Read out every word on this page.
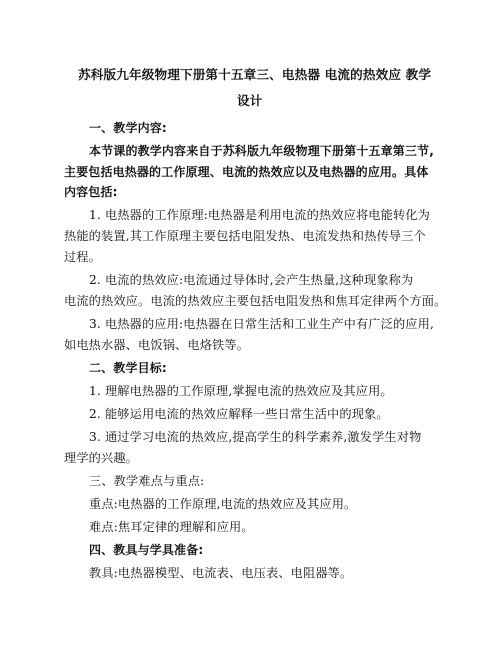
苏科版九年级物理下册第十五章三、电热器 电流的热效应 教学
设计
一、教学内容:
本节课的教学内容来自于苏科版九年级物理下册第十五章第三节,
主要包括电热器的工作原理、电流的热效应以及电热器的应用。具体
内容包括:
1. 电热器的工作原理:电热器是利用电流的热效应将电能转化为
热能的装置,其工作原理主要包括电阻发热、电流发热和热传导三个
过程。
2. 电流的热效应:电流通过导体时,会产生热量,这种现象称为
电流的热效应。电流的热效应主要包括电阻发热和焦耳定律两个方面。
3. 电热器的应用:电热器在日常生活和工业生产中有广泛的应用,
如电热水器、电饭锅、电烙铁等。
二、教学目标:
1. 理解电热器的工作原理,掌握电流的热效应及其应用。
2. 能够运用电流的热效应解释一些日常生活中的现象。
3. 通过学习电流的热效应,提高学生的科学素养,激发学生对物
理学的兴趣。
三、教学难点与重点:
重点:电热器的工作原理,电流的热效应及其应用。
难点:焦耳定律的理解和应用。
四、教具与学具准备:
教具:电热器模型、电流表、电压表、电阻器等。
